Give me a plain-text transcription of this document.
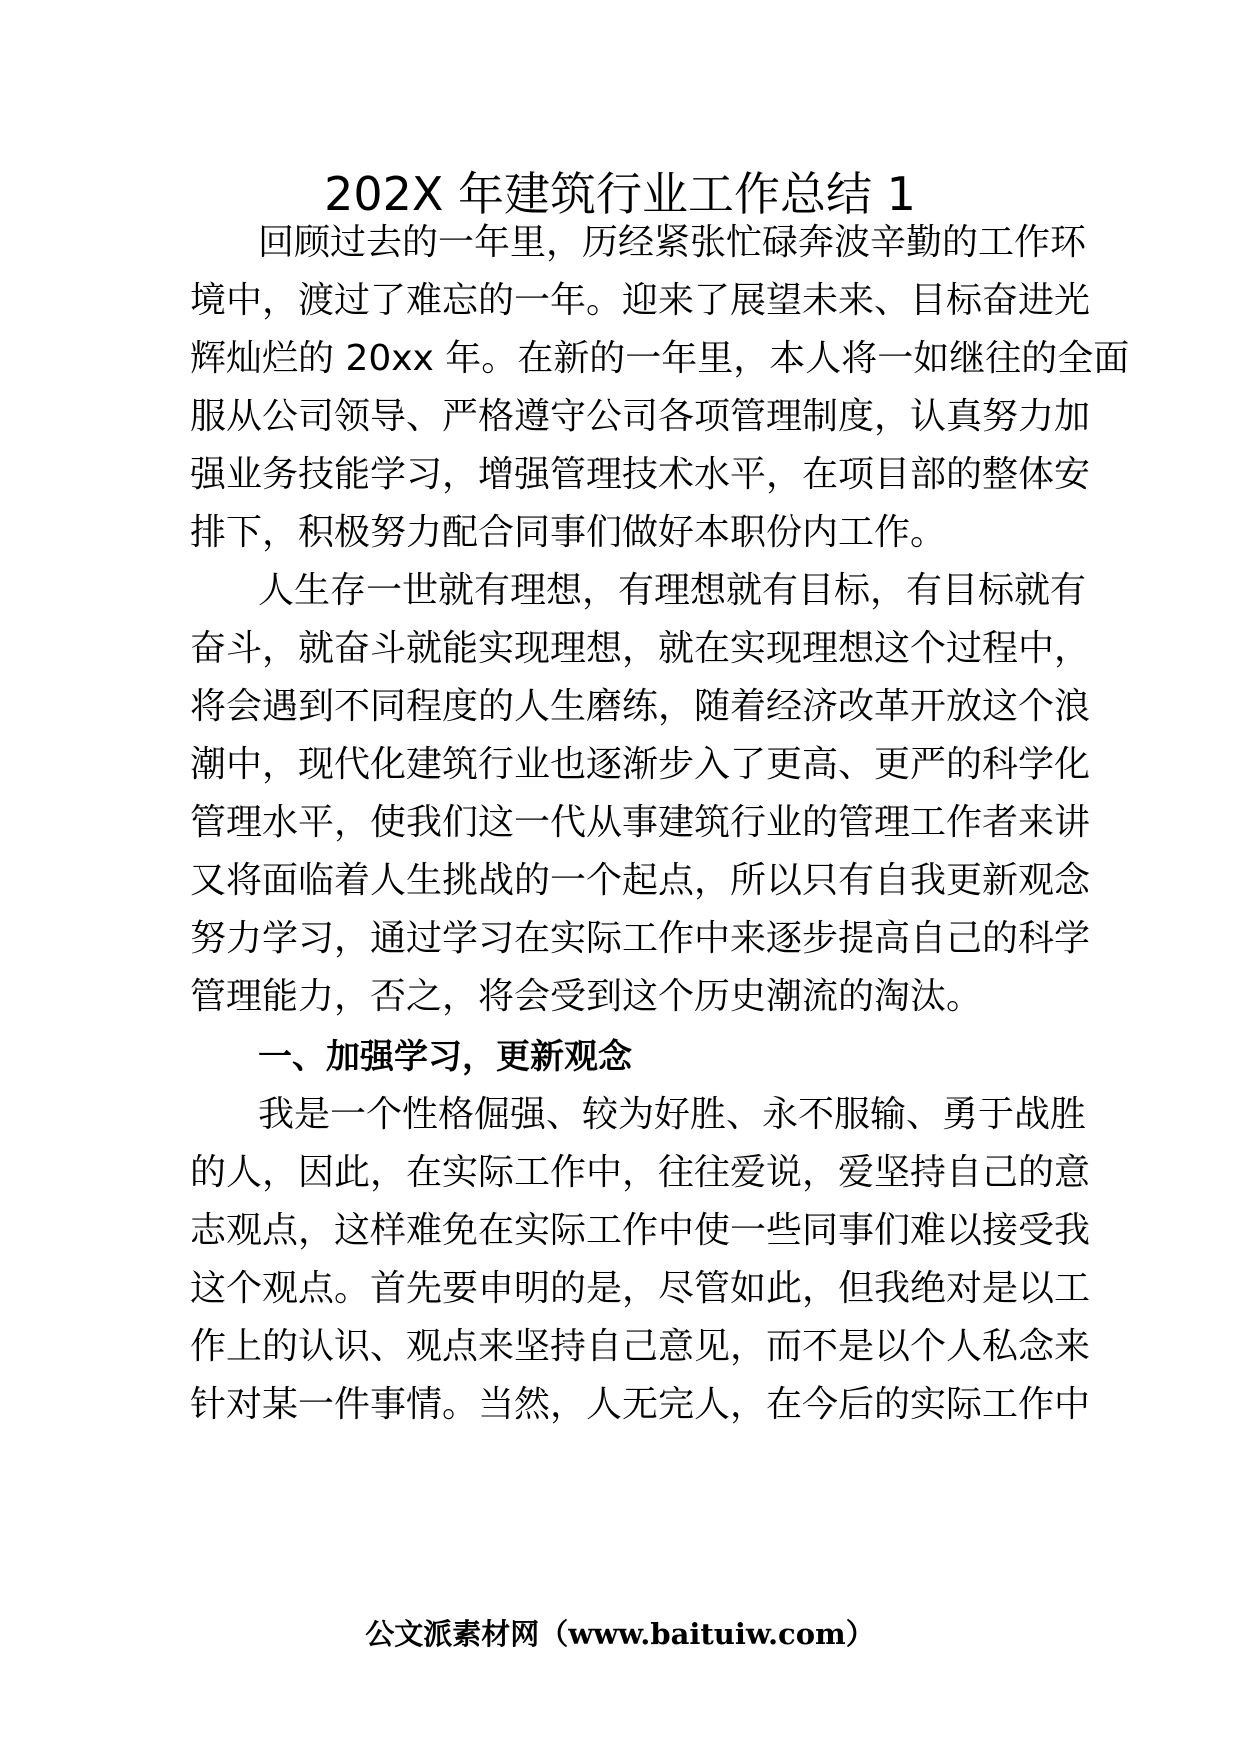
202X 年建筑行业工作总结 1
回顾过去的一年里，历经紧张忙碌奔波辛勤的工作环
境中，渡过了难忘的一年。迎来了展望未来、目标奋进光
辉灿烂的 20xx 年。在新的一年里，本人将一如继往的全面
服从公司领导、严格遵守公司各项管理制度，认真努力加
强业务技能学习，增强管理技术水平，在项目部的整体安
排下，积极努力配合同事们做好本职份内工作。
人生存一世就有理想，有理想就有目标，有目标就有
奋斗，就奋斗就能实现理想，就在实现理想这个过程中，
将会遇到不同程度的人生磨练，随着经济改革开放这个浪
潮中，现代化建筑行业也逐渐步入了更高、更严的科学化
管理水平，使我们这一代从事建筑行业的管理工作者来讲
又将面临着人生挑战的一个起点，所以只有自我更新观念
努力学习，通过学习在实际工作中来逐步提高自己的科学
管理能力，否之，将会受到这个历史潮流的淘汰。
一、加强学习，更新观念
我是一个性格倔强、较为好胜、永不服输、勇于战胜
的人，因此，在实际工作中，往往爱说，爱坚持自己的意
志观点，这样难免在实际工作中使一些同事们难以接受我
这个观点。首先要申明的是，尽管如此，但我绝对是以工
作上的认识、观点来坚持自己意见，而不是以个人私念来
针对某一件事情。当然，人无完人，在今后的实际工作中
公文派素材网（www.baituiw.com）
